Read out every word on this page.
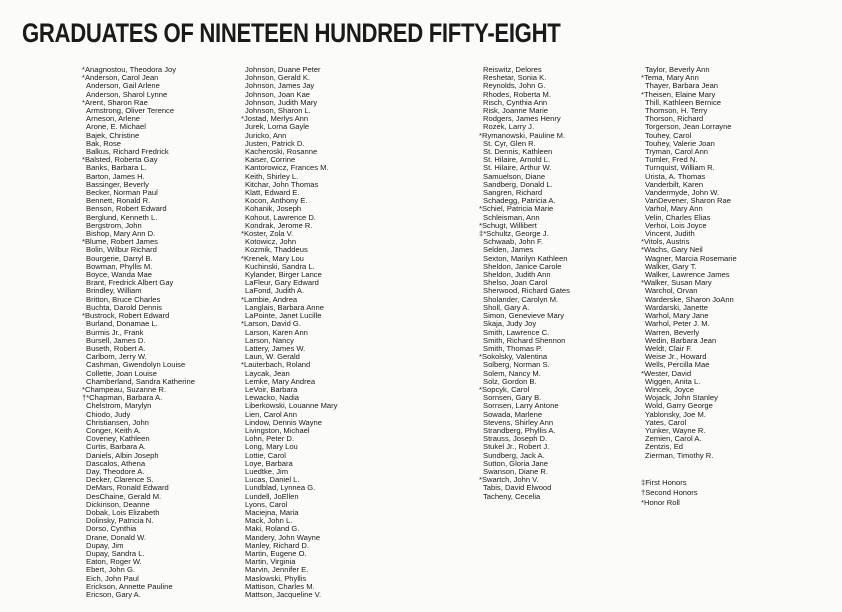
GRADUATES OF NINETEEN HUNDRED FIFTY-EIGHT
*Anagnostou, Theodora Joy
*Anderson, Carol Jean
Anderson, Gail Arlene
Anderson, Sharol Lynne
*Arent, Sharon Rae
Armstrong, Oliver Terence
Arneson, Arlene
Arone, E. Michael
Bajek, Christine
Bak, Rose
Balkus, Richard Fredrick
*Balsted, Roberta Gay
Banks, Barbara L.
Barton, James H.
Bassinger, Beverly
Becker, Norman Paul
Bennett, Ronald R.
Benson, Robert Edward
Berglund, Kenneth L.
Bergstrom, John
Bishop, Mary Ann D.
*Blume, Robert James
Bolin, Wilbur Richard
Bourgerie, Darryl B.
Bowman, Phyllis M.
Boyce, Wanda Mae
Brant, Fredrick Albert Gay
Brindley, William
Britton, Bruce Charles
Buchta, Darold Dennis
*Bustrock, Robert Edward
Burland, Donamae L.
Burmis Jr., Frank
Bursell, James D.
Buseth, Robert A.
Carlbom, Jerry W.
Cashman, Gwendolyn Louise
Collette, Joan Louise
Chamberland, Sandra Katherine
*Champeau, Suzanne R.
†*Chapman, Barbara A.
Chelstrom, Marylyn
Chiodo, Judy
Christiansen, John
Conger, Keith A.
Coveney, Kathleen
Curtis, Barbara A.
Daniels, Albin Joseph
Dascalos, Athena
Day, Theodore A.
Decker, Clarence S.
DeMars, Ronald Edward
DesChaine, Gerald M.
Dickinson, Deanne
Dobak, Lois Elizabeth
Dolinsky, Patricia N.
Dorso, Cynthia
Drane, Donald W.
Dupay, Jim
Dupay, Sandra L.
Eaton, Roger W.
Ebert, John G.
Eich, John Paul
Erickson, Annette Pauline
Ericson, Gary A.
Johnson, Duane Peter
Johnson, Gerald K.
Johnson, James Jay
Johnson, Joan Kae
Johnson, Judith Mary
Johnson, Sharon L.
*Jostad, Merlys Ann
Jurek, Lorna Gayle
Juricko, Ann
Justen, Patrick D.
Kacheroski, Rosanne
Kaiser, Corrine
Kantorowicz, Frances M.
Keith, Shirley L.
Kitchar, John Thomas
Klatt, Edward E.
Kocon, Anthony E.
Kohanik, Joseph
Kohout, Lawrence D.
Kondrak, Jerome R.
*Koster, Zola V.
Kotowicz, John
Kozmik, Thaddeus
*Krenek, Mary Lou
Kuchinski, Sandra L.
Kylander, Birger Lance
LaFleur, Gary Edward
LaFond, Judith A.
*Lambie, Andrea
Langlais, Barbara Anne
LaPointe, Janet Lucille
*Larson, David G.
Larson, Karen Ann
Larson, Nancy
Lattery, James W.
Laun, W. Gerald
*Lauterbach, Roland
Laycak, Jean
Lemke, Mary Andrea
LeVoir, Barbara
Lewacko, Nadia
Liberkowski, Louanne Mary
Lien, Carol Ann
Lindow, Dennis Wayne
Livingston, Michael
Lohn, Peter D.
Long, Mary Lou
Lottie, Carol
Loye, Barbara
Luedtke, Jim
Lucas, Daniel L.
Lundblad, Lynnea G.
Lundell, JoEllen
Lyons, Carol
Maciejna, Maria
Mack, John L.
Maki, Roland G.
Mandery, John Wayne
Manley, Richard D.
Martin, Eugene O.
Martin, Virginia
Marvin, Jennifer E.
Maslowski, Phyllis
Mattison, Charles M.
Mattson, Jacqueline V.
Reiswitz, Delores
Reshetar, Sonia K.
Reynolds, John G.
Rhodes, Roberta M.
Risch, Cynthia Ann
Risk, Joanne Marie
Rodgers, James Henry
Rozek, Larry J.
*Rymanowski, Pauline M.
St. Cyr, Glen R.
St. Dennis, Kathleen
St. Hilaire, Arnold L.
St. Hilaire, Arthur W.
Samuelson, Diane
Sandberg, Donald L.
Sangren, Richard
Schadegg, Patricia A.
*Schiel, Patricia Marie
Schleisman, Ann
*Schugt, Willibert
‡*Schultz, George J.
Schwaab, John F.
Selden, James
Sexton, Marilyn Kathleen
Sheldon, Janice Carole
Sheldon, Judith Ann
Shelso, Joan Carol
Sherwood, Richard Gates
Sholander, Carolyn M.
Sholl, Gary A.
Simon, Genevieve Mary
Skaja, Judy Joy
Smith, Lawrence C.
Smith, Richard Shennon
Smith, Thomas P.
*Sokolsky, Valentina
Solberg, Norman S.
Solem, Nancy M.
Solz, Gordon B.
*Sopcyk, Carol
Sornsen, Gary B.
Sornsen, Larry Antone
Sowada, Marlene
Stevens, Shirley Ann
Strandberg, Phyllis A.
Strauss, Joseph D.
Stukel Jr., Robert J.
Sundberg, Jack A.
Sutton, Gloria Jane
Swanson, Diane R.
*Swartch, John V.
Tabis, David Elwood
Tacheny, Cecelia
Taylor, Beverly Ann
*Tema, Mary Ann
Thayer, Barbara Jean
*Theisen, Elaine Mary
Thill, Kathleen Bernice
Thomson, H. Terry
Thorson, Richard
Torgerson, Jean Lorrayne
Touhey, Carol
Touhey, Valerie Joan
Tryman, Carol Ann
Tumler, Fred N.
Turnquist, William R.
Urista, A. Thomas
Vanderbilt, Karen
Vandermyde, John W.
VanDevener, Sharon Rae
Varhol, Mary Ann
Velin, Charles Elias
Verhoi, Lois Joyce
Vincent, Judith
*Vitols, Austris
*Wachs, Gary Neil
Wagner, Marcia Rosemarie
Walker, Gary T.
Walker, Lawrence James
*Walker, Susan Mary
Warchol, Orvan
Warderske, Sharon JoAnn
Wardarski, Janette
Warhol, Mary Jane
Warhol, Peter J. M.
Warren, Beverly
Wedin, Barbara Jean
Weldt, Clair F.
Weise Jr., Howard
Wells, Percilla Mae
*Wester, David
Wiggen, Anita L.
Wincek, Joyce
Wojack, John Stanley
Wold, Garry George
Yablonsky, Joe M.
Yates, Carol
Yunker, Wayne R.
Zemien, Carol A.
Zentzis, Ed
Zierman, Timothy R.
‡First Honors
†Second Honors
*Honor Roll
